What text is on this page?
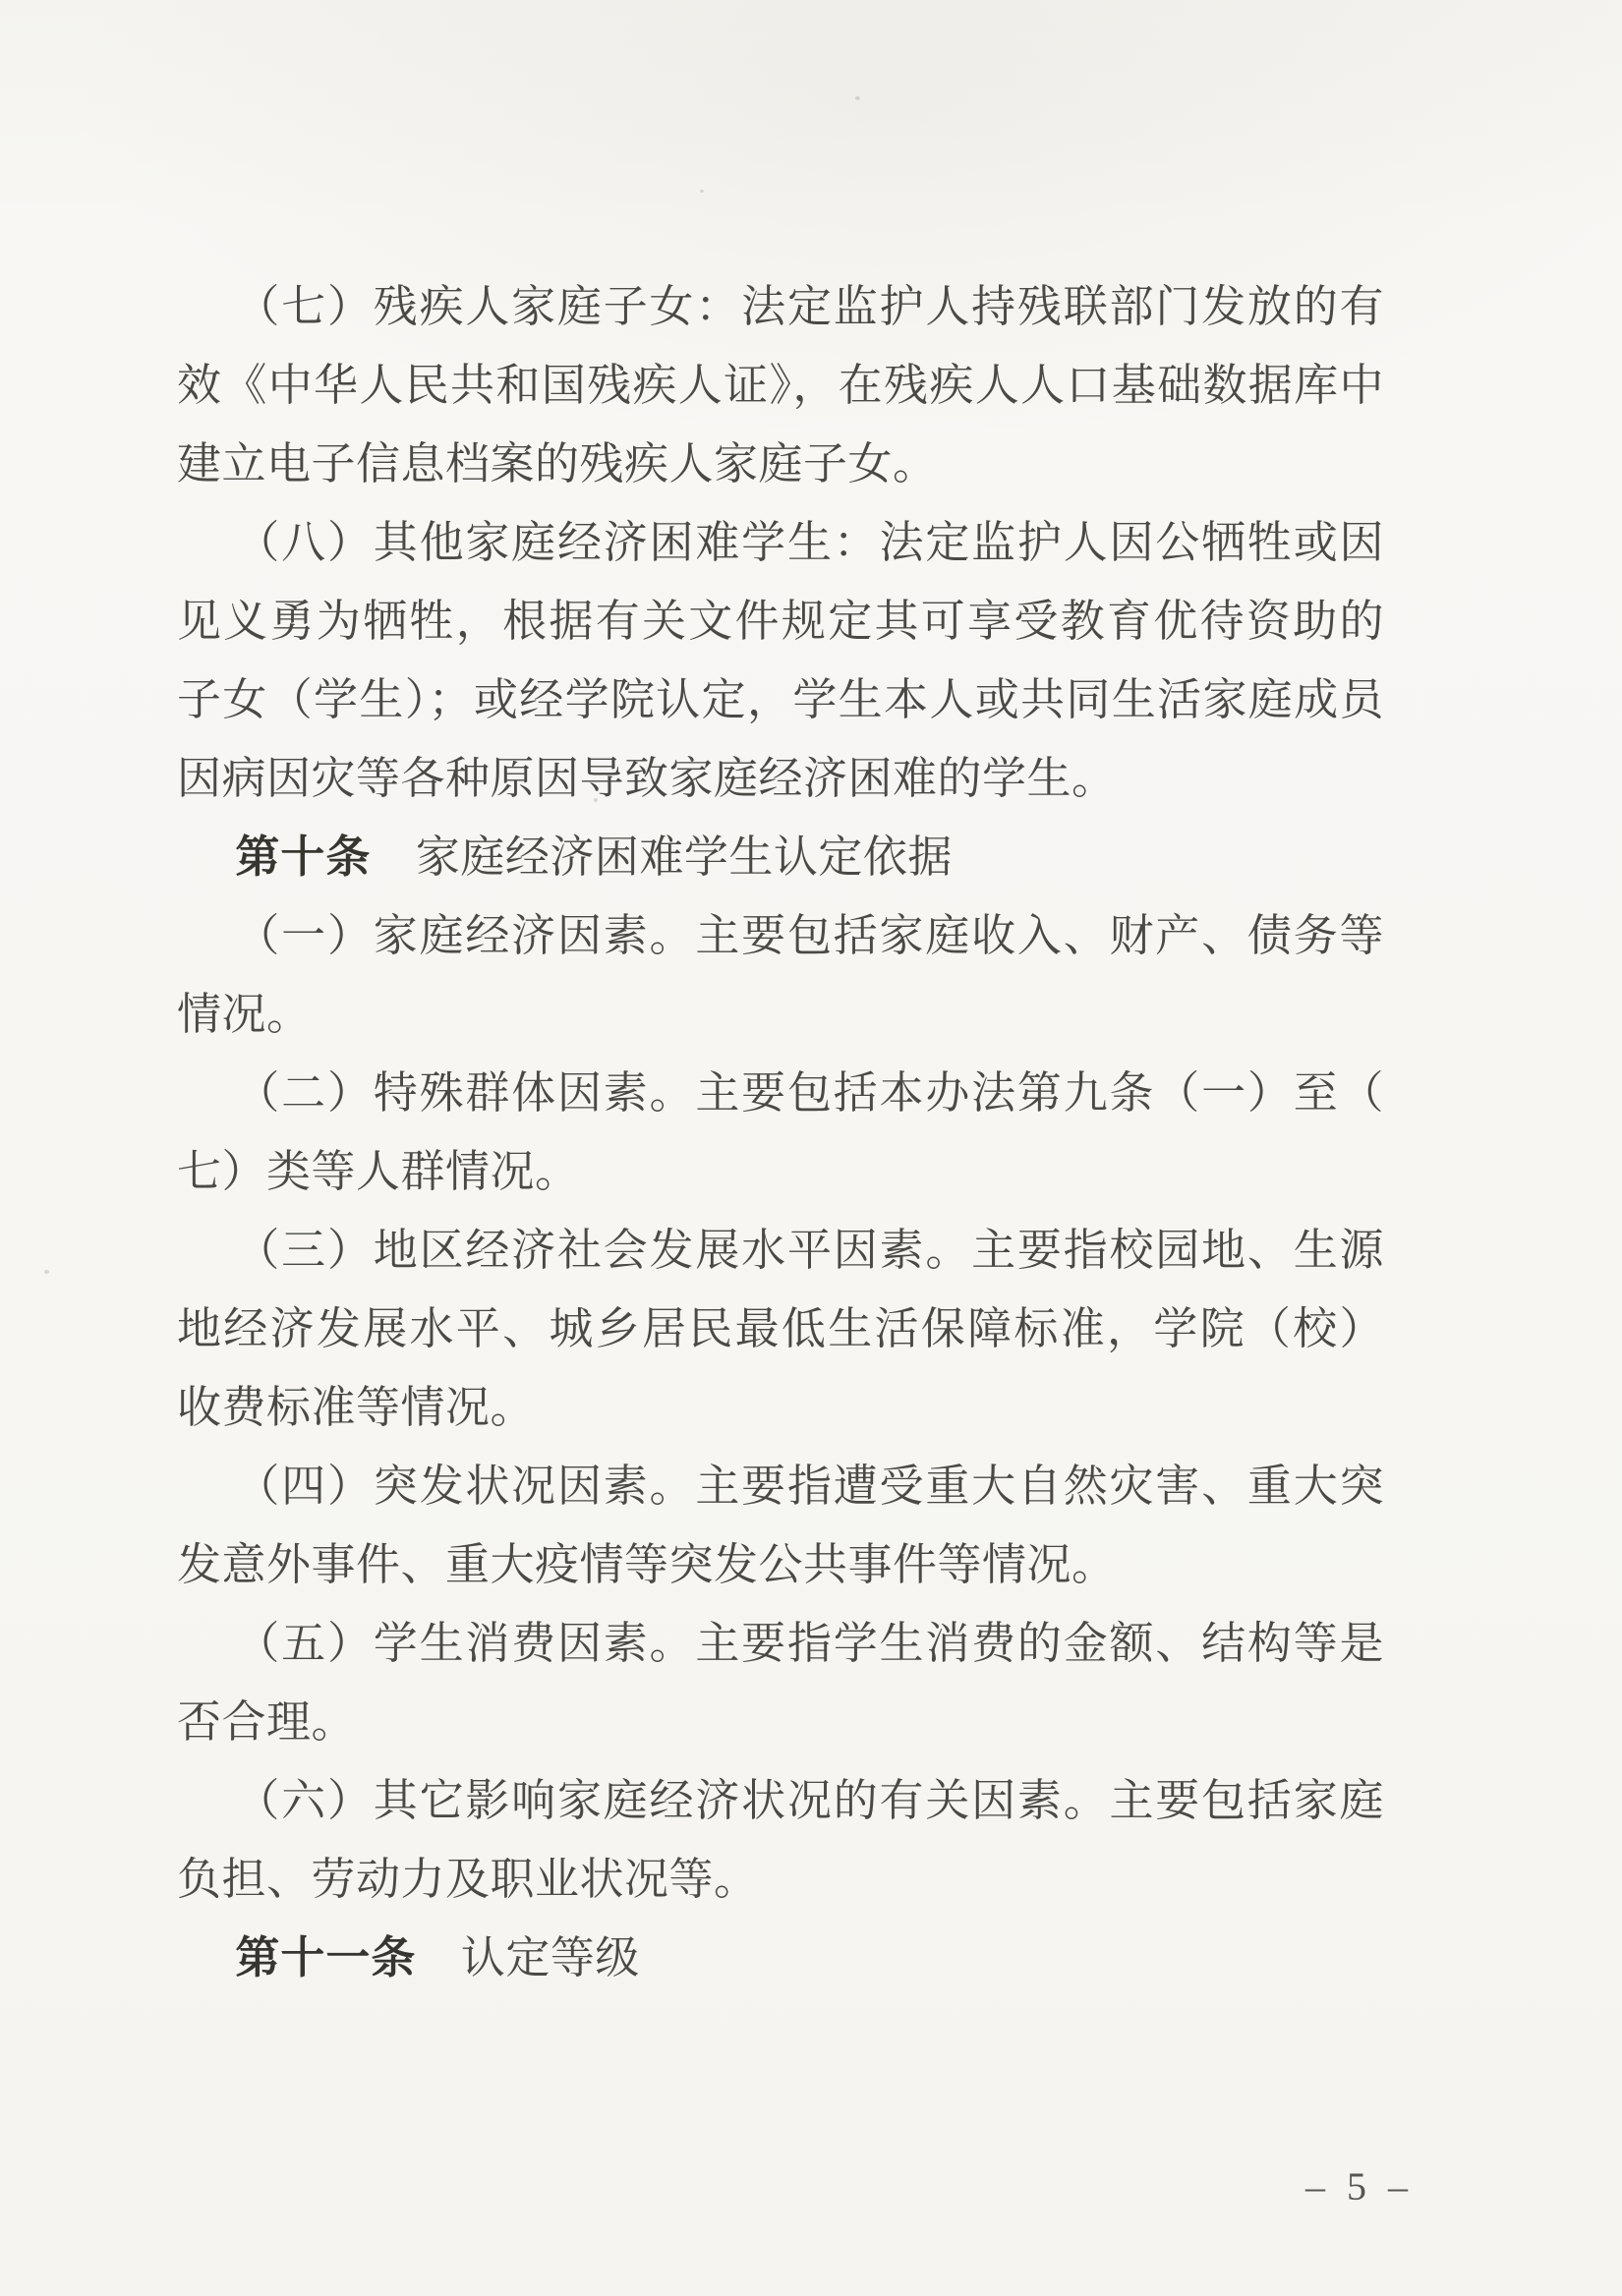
（七）残疾人家庭子女：法定监护人持残联部门发放的有效《中华人民共和国残疾人证》，在残疾人人口基础数据库中建立电子信息档案的残疾人家庭子女。

（八）其他家庭经济困难学生：法定监护人因公牺牲或因见义勇为牺牲，根据有关文件规定其可享受教育优待资助的子女（学生）；或经学院认定，学生本人或共同生活家庭成员因病因灾等各种原因导致家庭经济困难的学生。

第十条　家庭经济困难学生认定依据

（一）家庭经济因素。主要包括家庭收入、财产、债务等情况。

（二）特殊群体因素。主要包括本办法第九条（一）至（七）类等人群情况。

（三）地区经济社会发展水平因素。主要指校园地、生源地经济发展水平、城乡居民最低生活保障标准，学院（校）收费标准等情况。

（四）突发状况因素。主要指遭受重大自然灾害、重大突发意外事件、重大疫情等突发公共事件等情况。

（五）学生消费因素。主要指学生消费的金额、结构等是否合理。

（六）其它影响家庭经济状况的有关因素。主要包括家庭负担、劳动力及职业状况等。

第十一条　认定等级

– 5 –
